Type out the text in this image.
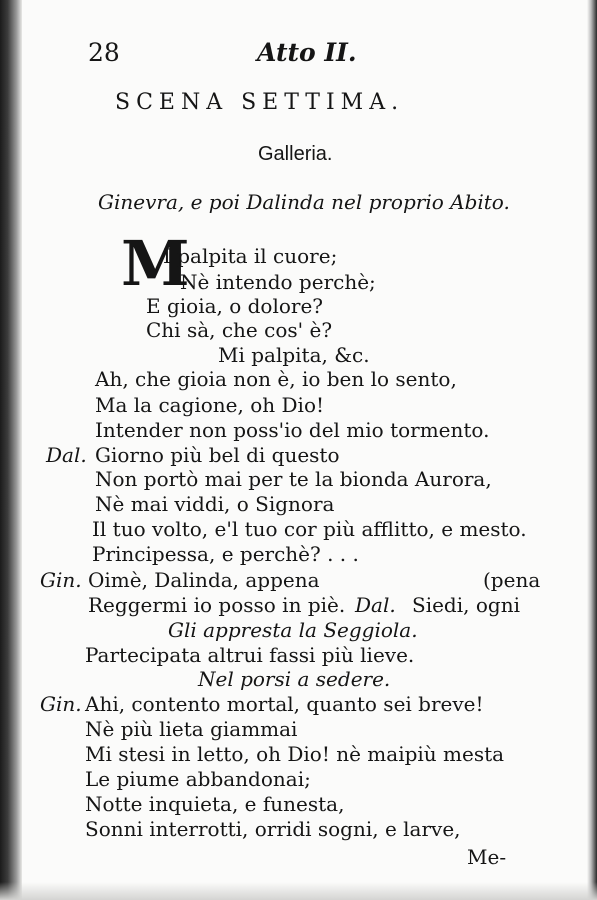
28	Atto II.
SCENA SETTIMA.
Galleria.
Ginevra, e poi Dalinda nel proprio Abito.
M
I palpita il cuore;
Nè intendo perchè;
E gioia, o dolore?
Chi sà, che cos' è?
Mi palpita, &c.
Ah, che gioia non è, io ben lo sento,
Ma la cagione, oh Dio!
Intender non poss'io del mio tormento.
Dal. Giorno più bel di questo
Non portò mai per te la bionda Aurora,
Nè mai viddi, o Signora
Il tuo volto, e'l tuo cor più afflitto, e mesto.
Principessa, e perchè? . . .
Gin. Oimè, Dalinda, appena	(pena
Reggermi io posso in piè. Dal. Siedi, ogni
Gli appresta la Seggiola.
Partecipata altrui fassi più lieve.
Nel porsi a sedere.
Gin. Ahi, contento mortal, quanto sei breve!
Nè più lieta giammai
Mi stesi in letto, oh Dio! nè maipiù mesta
Le piume abbandonai;
Notte inquieta, e funesta,
Sonni interrotti, orridi sogni, e larve,
Me-
